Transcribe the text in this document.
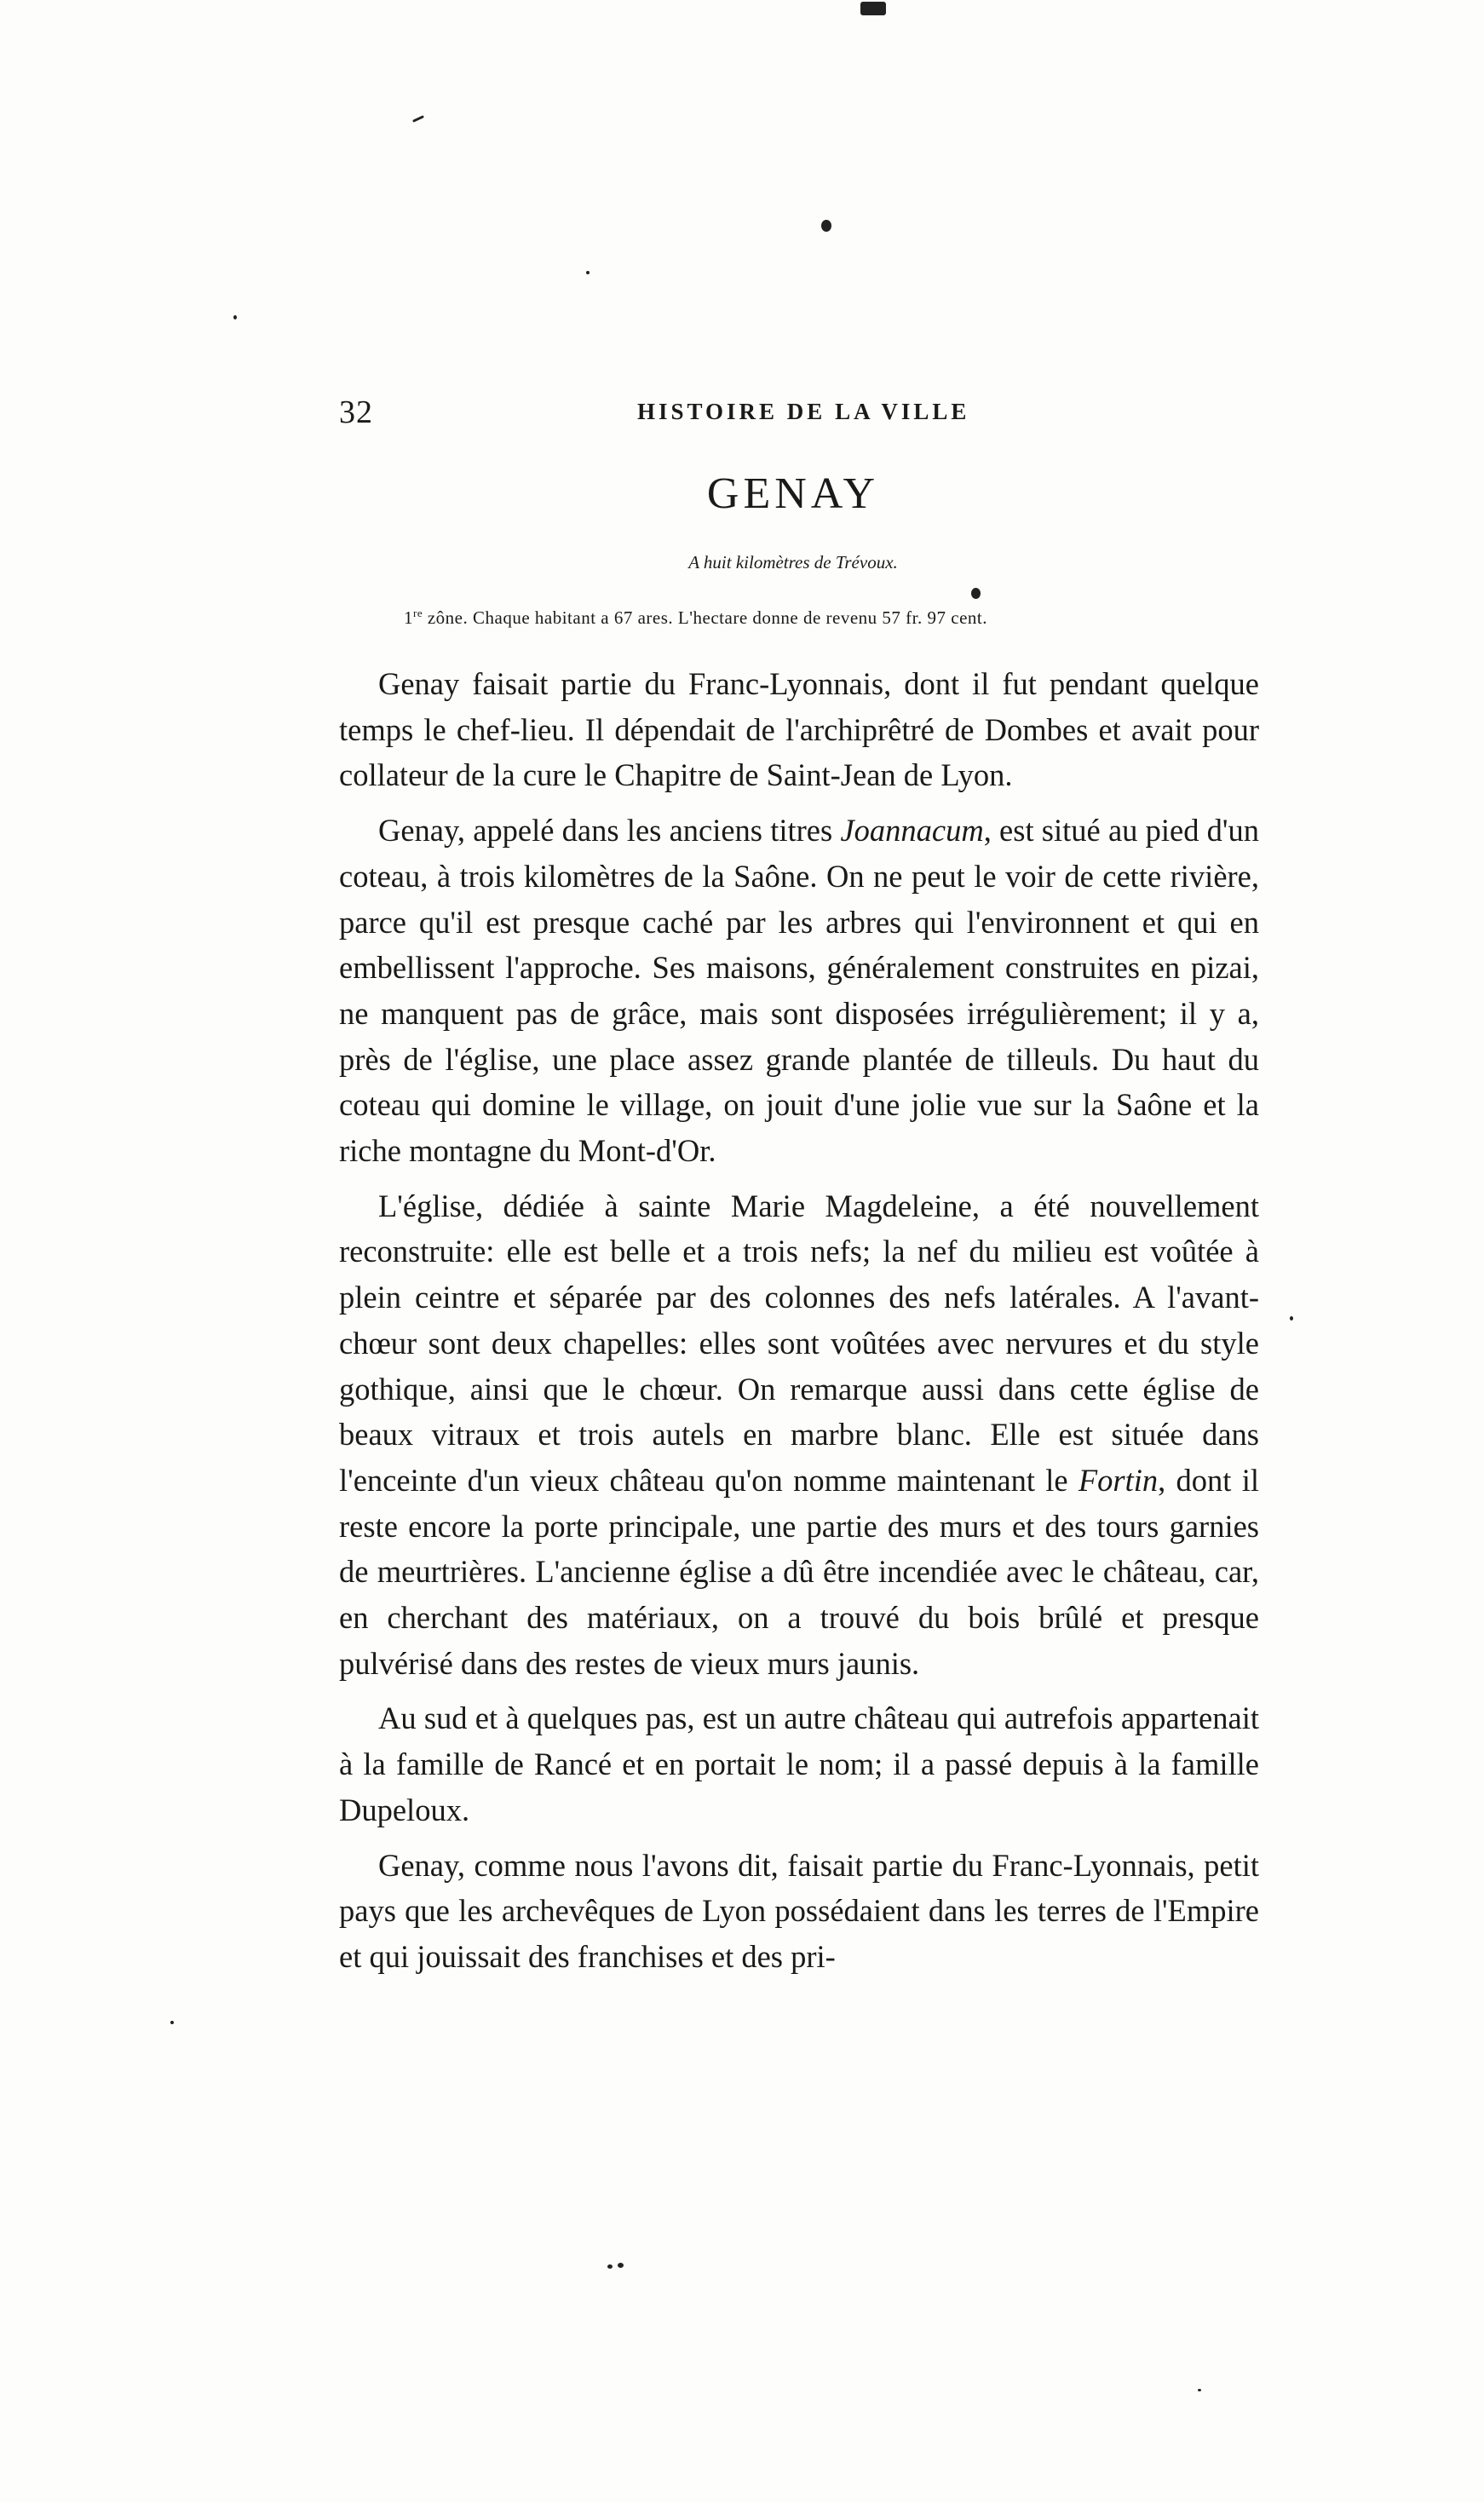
32	HISTOIRE DE LA VILLE
GENAY
A huit kilomètres de Trévoux.
1re zône. Chaque habitant a 67 ares. L'hectare donne de revenu 57 fr. 97 cent.

Genay faisait partie du Franc-Lyonnais, dont il fut pendant quelque temps le chef-lieu. Il dépendait de l'archiprêtré de Dombes et avait pour collateur de la cure le Chapitre de Saint-Jean de Lyon.

Genay, appelé dans les anciens titres Joannacum, est situé au pied d'un coteau, à trois kilomètres de la Saône. On ne peut le voir de cette rivière, parce qu'il est presque caché par les arbres qui l'environnent et qui en embellissent l'approche. Ses maisons, généralement construites en pizai, ne manquent pas de grâce, mais sont disposées irrégulièrement; il y a, près de l'église, une place assez grande plantée de tilleuls. Du haut du coteau qui domine le village, on jouit d'une jolie vue sur la Saône et la riche montagne du Mont-d'Or.

L'église, dédiée à sainte Marie Magdeleine, a été nouvellement reconstruite: elle est belle et a trois nefs; la nef du milieu est voûtée à plein ceintre et séparée par des colonnes des nefs latérales. A l'avant-chœur sont deux chapelles: elles sont voûtées avec nervures et du style gothique, ainsi que le chœur. On remarque aussi dans cette église de beaux vitraux et trois autels en marbre blanc. Elle est située dans l'enceinte d'un vieux château qu'on nomme maintenant le Fortin, dont il reste encore la porte principale, une partie des murs et des tours garnies de meurtrières. L'ancienne église a dû être incendiée avec le château, car, en cherchant des matériaux, on a trouvé du bois brûlé et presque pulvérisé dans des restes de vieux murs jaunis.

Au sud et à quelques pas, est un autre château qui autrefois appartenait à la famille de Rancé et en portait le nom; il a passé depuis à la famille Dupeloux.

Genay, comme nous l'avons dit, faisait partie du Franc-Lyonnais, petit pays que les archevêques de Lyon possédaient dans les terres de l'Empire et qui jouissait des franchises et des pri-
